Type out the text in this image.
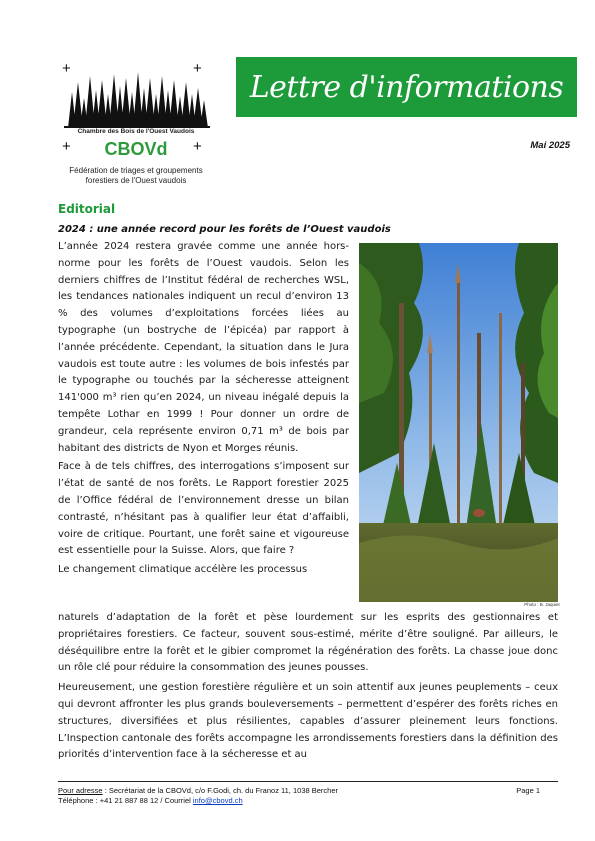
+	+
+	+
Chambre des Bois de l'Ouest Vaudois
CBOVd
Fédération de triages et groupements
forestiers de l'Ouest vaudois
Lettre d'informations
Mai 2025
Editorial
2024 : une année record pour les forêts de l’Ouest vaudois

L’année 2024 restera gravée comme une année hors-norme pour les forêts de l’Ouest vaudois. Selon les derniers chiffres de l’Institut fédéral de recherches WSL, les tendances nationales indiquent un recul d’environ 13 % des volumes d’exploitations forcées liées au typographe (un bostryche de l’épicéa) par rapport à l’année précédente. Cependant, la situation dans le Jura vaudois est toute autre : les volumes de bois infestés par le typographe ou touchés par la sécheresse atteignent 141'000 m³ rien qu’en 2024, un niveau inégalé depuis la tempête Lothar en 1999 ! Pour donner un ordre de grandeur, cela représente environ 0,71 m³ de bois par habitant des districts de Nyon et Morges réunis.

Face à de tels chiffres, des interrogations s’imposent sur l’état de santé de nos forêts. Le Rapport forestier 2025 de l’Office fédéral de l’environnement dresse un bilan contrasté, n’hésitant pas à qualifier leur état d’affaibli, voire de critique. Pourtant, une forêt saine et vigoureuse est essentielle pour la Suisse. Alors, que faire ?

Le changement climatique accélère les processus

Photo : B. Jaquier

naturels d’adaptation de la forêt et pèse lourdement sur les esprits des gestionnaires et propriétaires forestiers. Ce facteur, souvent sous-estimé, mérite d’être souligné. Par ailleurs, le déséquilibre entre la forêt et le gibier compromet la régénération des forêts. La chasse joue donc un rôle clé pour réduire la consommation des jeunes pousses.

Heureusement, une gestion forestière régulière et un soin attentif aux jeunes peuplements – ceux qui devront affronter les plus grands bouleversements – permettent d’espérer des forêts riches en structures, diversifiées et plus résilientes, capables d’assurer pleinement leurs fonctions. L’Inspection cantonale des forêts accompagne les arrondissements forestiers dans la définition des priorités d’intervention face à la sécheresse et au

Pour adresse : Secrétariat de la CBOVd, c/o F.Godi, ch. du Franoz 11, 1038 Bercher
Téléphone : +41 21 887 88 12 / Courriel info@cbovd.ch
Page 1
